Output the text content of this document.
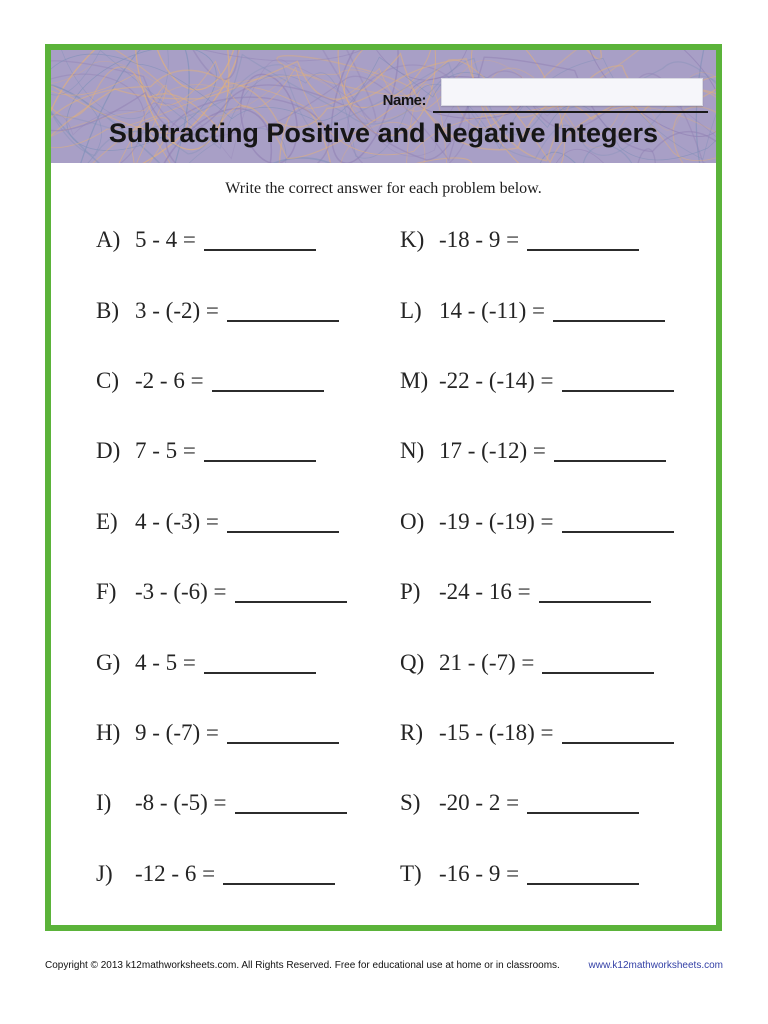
Name:
Subtracting Positive and Negative Integers
Write the correct answer for each problem below.
A) 5 - 4 =	K) -18 - 9 =
B) 3 - (-2) =	L) 14 - (-11) =
C) -2 - 6 =	M) -22 - (-14) =
D) 7 - 5 =	N) 17 - (-12) =
E) 4 - (-3) =	O) -19 - (-19) =
F) -3 - (-6) =	P) -24 - 16 =
G) 4 - 5 =	Q) 21 - (-7) =
H) 9 - (-7) =	R) -15 - (-18) =
I)	-8 - (-5) =	S) -20 - 2 =
J) -12 - 6 =	T) -16 - 9 =
Copyright © 2013 k12mathworksheets.com. All Rights Reserved. Free for educational use at home or in classrooms.	www.k12mathworksheets.com
